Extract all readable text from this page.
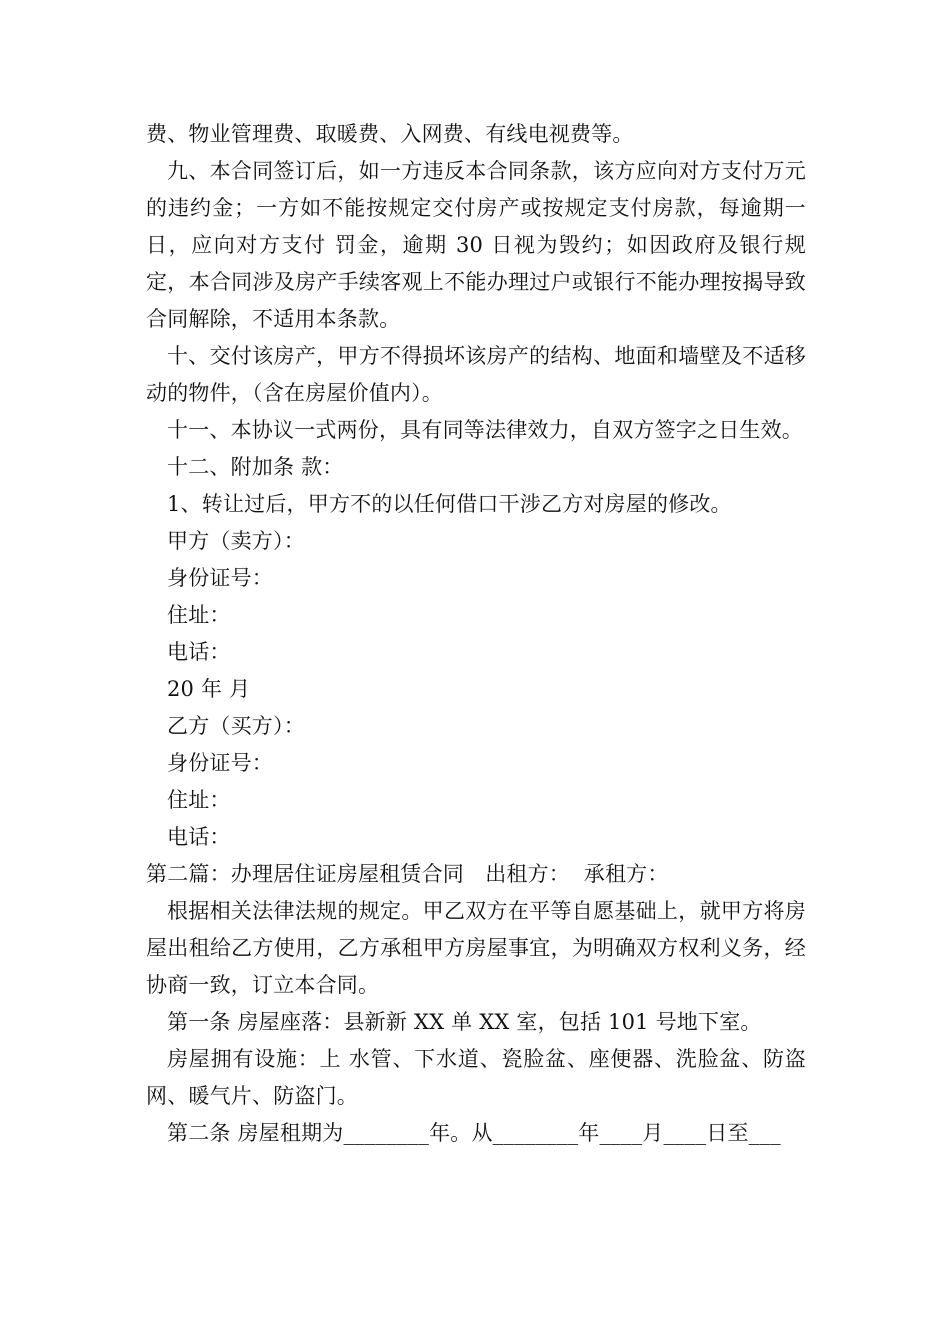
费、物业管理费、取暖费、入网费、有线电视费等。

九、本合同签订后，如一方违反本合同条款，该方应向对方支付万元的违约金；一方如不能按规定交付房产或按规定支付房款，每逾期一日，应向对方支付 罚金，逾期 30 日视为毁约；如因政府及银行规定，本合同涉及房产手续客观上不能办理过户或银行不能办理按揭导致合同解除，不适用本条款。

十、交付该房产，甲方不得损坏该房产的结构、地面和墙壁及不适移动的物件，（含在房屋价值内）。

十一、本协议一式两份，具有同等法律效力，自双方签字之日生效。

十二、附加条 款：

1、转让过后，甲方不的以任何借口干涉乙方对房屋的修改。

甲方（卖方）：

身份证号：

住址：

电话：

20 年 月

乙方（买方）：

身份证号：

住址：

电话：

第二篇：办理居住证房屋租赁合同　出租方：  承租方：

根据相关法律法规的规定。甲乙双方在平等自愿基础上，就甲方将房屋出租给乙方使用，乙方承租甲方房屋事宜，为明确双方权利义务，经协商一致，订立本合同。

第一条 房屋座落：县新新 XX 单 XX 室，包括 101 号地下室。

房屋拥有设施：上 水管、下水道、瓷脸盆、座便器、洗脸盆、防盗网、暖气片、防盗门。

第二条 房屋租期为________年。从________年____月____日至___
